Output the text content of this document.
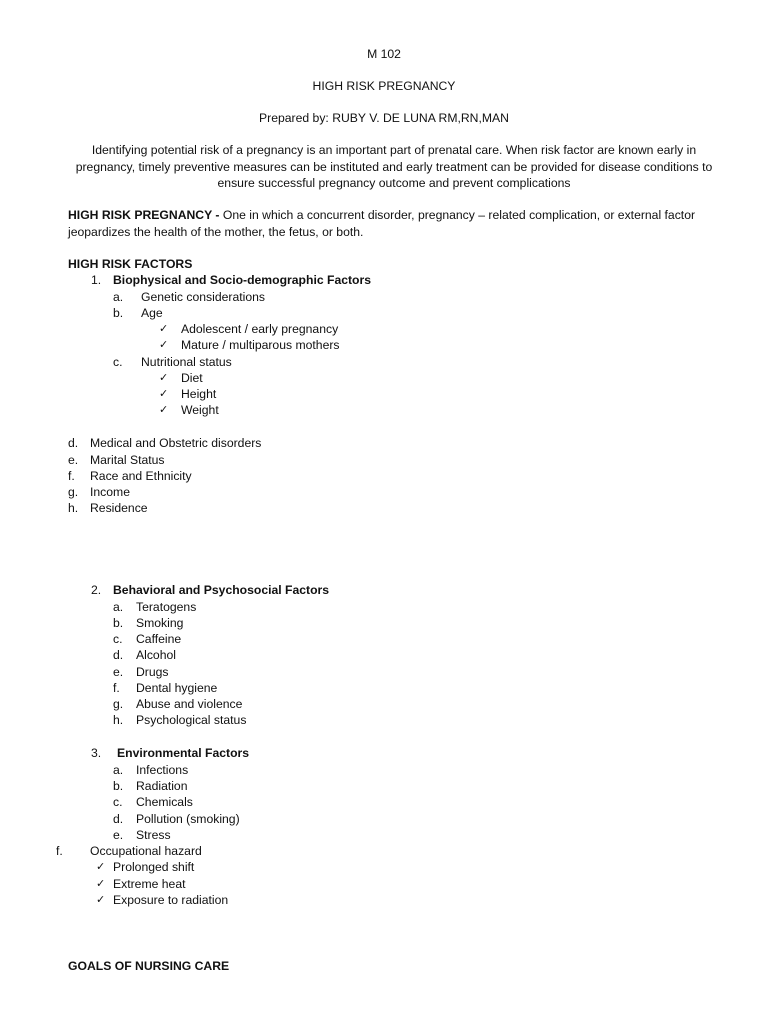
M 102
HIGH RISK PREGNANCY
Prepared by: RUBY V. DE LUNA RM,RN,MAN
Identifying potential risk of a pregnancy is an important part of prenatal care. When risk factor are known early in pregnancy, timely preventive measures can be instituted and early treatment can be provided for disease conditions to ensure successful pregnancy outcome and prevent complications
HIGH RISK PREGNANCY - One in which a concurrent disorder, pregnancy – related complication, or external factor jeopardizes the health of the mother, the fetus, or both.
HIGH RISK FACTORS
1. Biophysical and Socio-demographic Factors
a. Genetic considerations
b. Age
✓ Adolescent / early pregnancy
✓ Mature / multiparous mothers
c. Nutritional status
✓ Diet
✓ Height
✓ Weight
d. Medical and Obstetric disorders
e. Marital Status
f. Race and Ethnicity
g. Income
h. Residence
2. Behavioral and Psychosocial Factors
a. Teratogens
b. Smoking
c. Caffeine
d. Alcohol
e. Drugs
f. Dental hygiene
g. Abuse and violence
h. Psychological status
3. Environmental Factors
a. Infections
b. Radiation
c. Chemicals
d. Pollution (smoking)
e. Stress
f. Occupational hazard
✓ Prolonged shift
✓ Extreme heat
✓ Exposure to radiation
GOALS OF NURSING CARE
